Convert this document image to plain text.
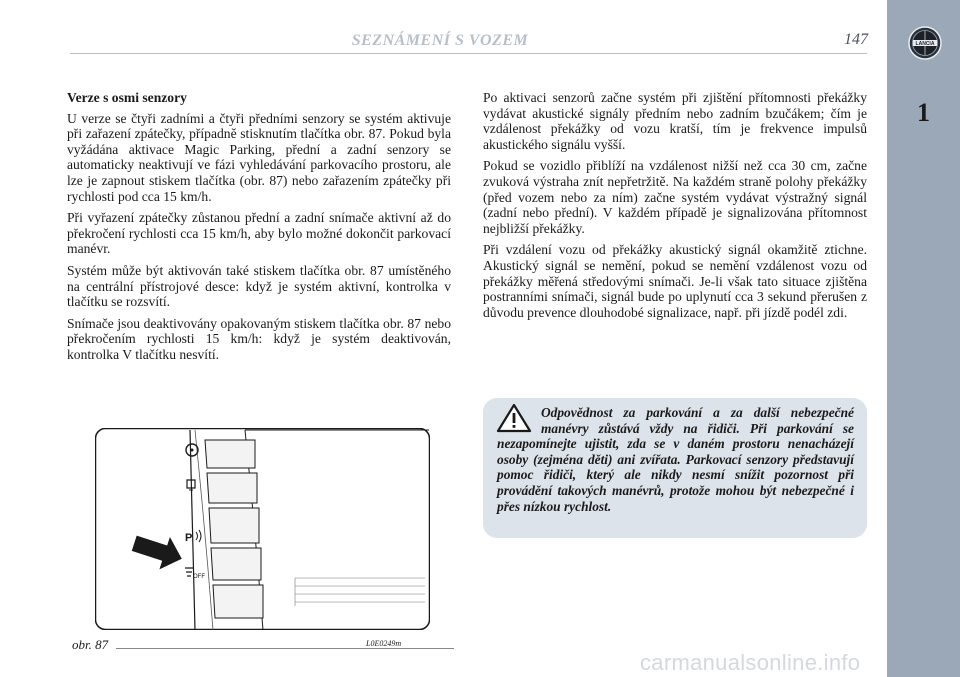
SEZNÁMENÍ S VOZEM	147	LANCIA
1
Verze s osmi senzory

U verze se čtyři zadními a čtyři předními senzory se systém aktivuje při zařazení zpátečky, případně stisknutím tlačítka obr. 87. Pokud byla vyžádána aktivace Magic Parking, přední a zadní senzory se automaticky neaktivují ve fázi vyhledávání parkovacího prostoru, ale lze je zapnout stiskem tlačítka (obr. 87) nebo zařazením zpátečky při rychlosti pod cca 15 km/h.

Při vyřazení zpátečky zůstanou přední a zadní snímače aktivní až do překročení rychlosti cca 15 km/h, aby bylo možné dokončit parkovací manévr.

Systém může být aktivován také stiskem tlačítka obr. 87 umístěného na centrální přístrojové desce: když je systém aktivní, kontrolka v tlačítku se rozsvítí.

Snímače jsou deaktivovány opakovaným stiskem tlačítka obr. 87 nebo překročením rychlosti 15 km/h: když je systém deaktivován, kontrolka V tlačítku nesvítí.

Po aktivaci senzorů začne systém při zjištění přítomnosti překážky vydávat akustické signály předním nebo zadním bzučákem; čím je vzdálenost překážky od vozu kratší, tím je frekvence impulsů akustického signálu vyšší.

Pokud se vozidlo přiblíží na vzdálenost nižší než cca 30 cm, začne zvuková výstraha znít nepřetržitě. Na každém straně polohy překážky (před vozem nebo za ním) začne systém vydávat výstražný signál (zadní nebo přední). V každém případě je signalizována přítomnost nejbližší překážky.

Při vzdálení vozu od překážky akustický signál okamžitě ztichne. Akustický signál se nemění, pokud se nemění vzdálenost vozu od překážky měřená středovými snímači. Je-li však tato situace zjištěna postranními snímači, signál bude po uplynutí cca 3 sekund přerušen z důvodu prevence dlouhodobé signalizace, např. při jízdě podél zdi.

Odpovědnost za parkování a za další nebezpečné manévry zůstává vždy na řidiči. Při parkování se nezapomínejte ujistit, zda se v daném prostoru nenacházejí osoby (zejména děti) ani zvířata. Parkovací senzory představují pomoc řidiči, který ale nikdy nesmí snížit pozornost při provádění takových manévrů, protože mohou být nebezpečné i přes nízkou rychlost.
P
OFF
obr. 87	L0E0249m
carmanualsonline.info
